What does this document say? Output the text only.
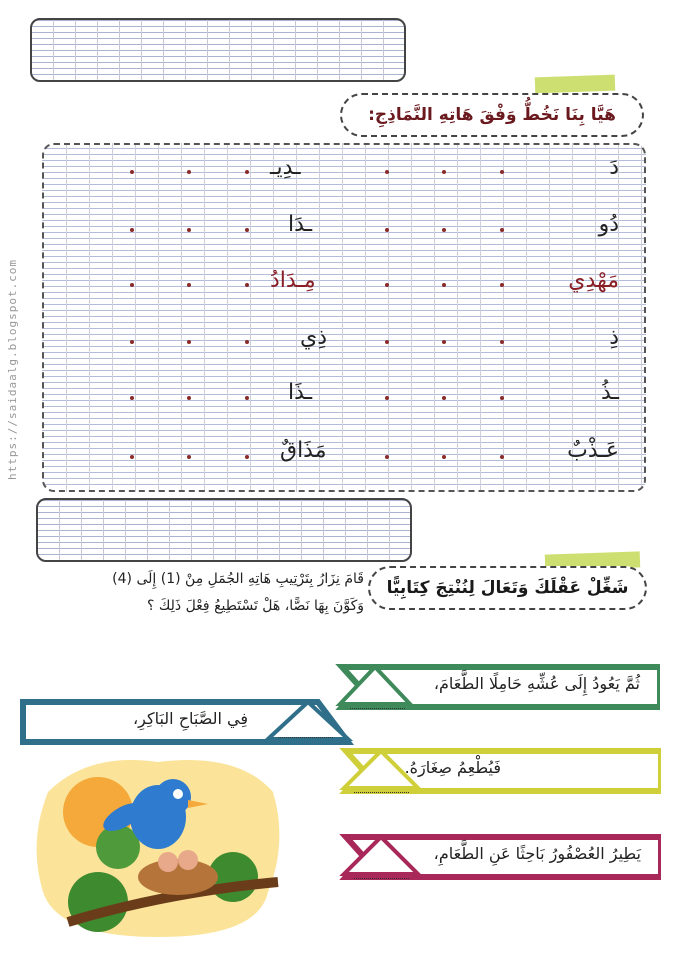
https://saidaalg.blogspot.com
هَيَّا بِنَا نَخُطُّ وَفْقَ هَاتِهِ النَّمَاذِجِ:
دَ
ـدِيـ
دُو
ـدَا
مَهْدِي
مِـدَادُ
ذِ
ذِي
ـذُ
ـذَا
عَـذْبٌ
مَذَاقٌ
شَغِّلْ عَقْلَكَ وَتَعَالَ لِنُنْتِجَ كِتَابِيًّا
قَامَ نِزَارُ بِتَرْتِيبِ هَاتِهِ الجُمَلِ مِنْ (1) إِلَى (4)
وَكَوَّنَ بِهَا نَصًّا، هَلْ تَسْتَطِيعُ فِعْلَ ذَلِكَ ؟
ثُمَّ يَعُودُ إِلَى عُشِّهِ حَامِلًا الطَّعَامَ،
فِي الصَّبَاحِ البَاكِرِ،
فَيُطْعِمُ صِغَارَهُ.
يَطِيرُ العُصْفُورُ بَاحِثًا عَنِ الطَّعَامِ،
